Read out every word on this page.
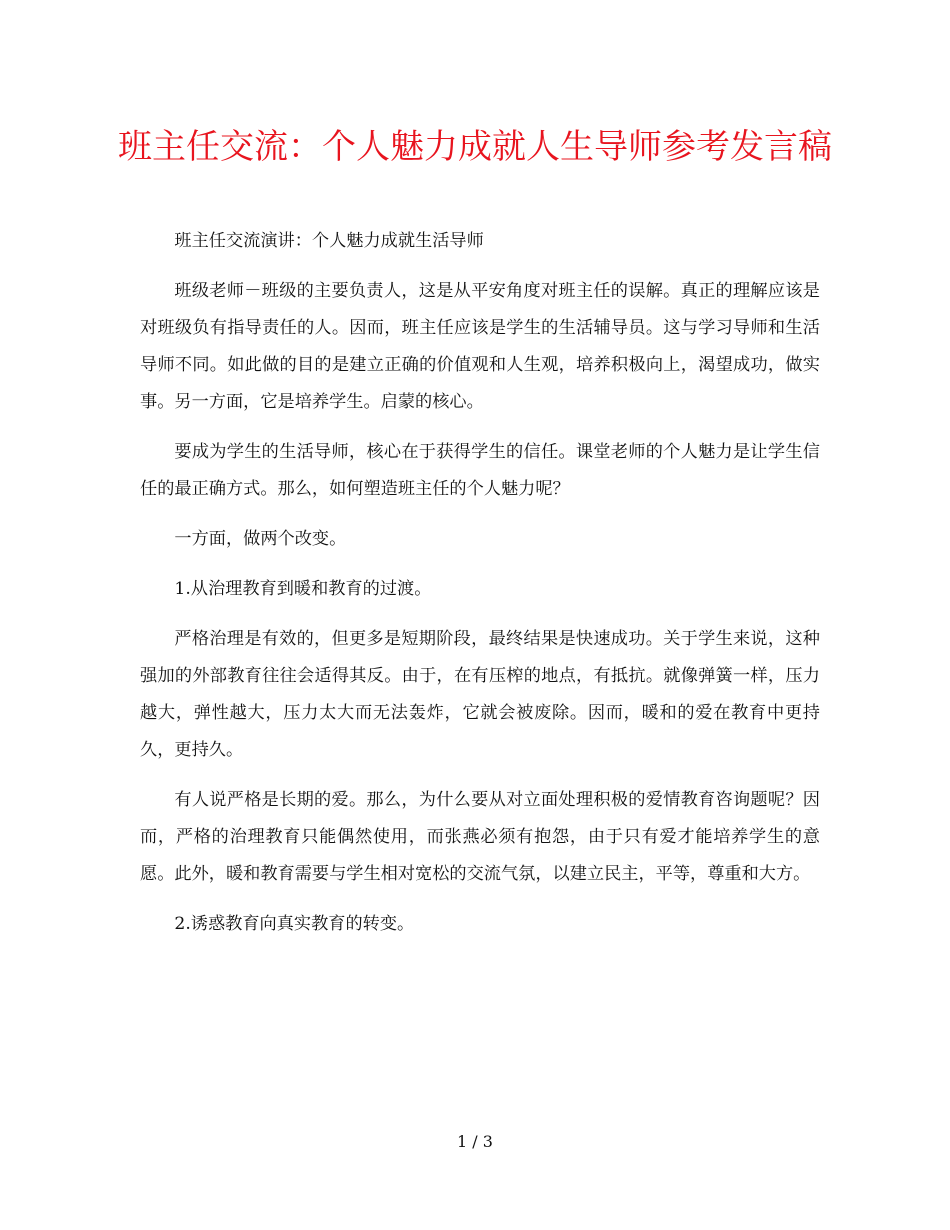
班主任交流：个人魅力成就人生导师参考发言稿

班主任交流演讲：个人魅力成就生活导师

班级老师－班级的主要负责人，这是从平安角度对班主任的误解。真正的理解应该是对班级负有指导责任的人。因而，班主任应该是学生的生活辅导员。这与学习导师和生活导师不同。如此做的目的是建立正确的价值观和人生观，培养积极向上，渴望成功，做实事。另一方面，它是培养学生。启蒙的核心。

要成为学生的生活导师，核心在于获得学生的信任。课堂老师的个人魅力是让学生信任的最正确方式。那么，如何塑造班主任的个人魅力呢？

一方面，做两个改变。

1.从治理教育到暖和教育的过渡。

严格治理是有效的，但更多是短期阶段，最终结果是快速成功。关于学生来说，这种强加的外部教育往往会适得其反。由于，在有压榨的地点，有抵抗。就像弹簧一样，压力越大，弹性越大，压力太大而无法轰炸，它就会被废除。因而，暖和的爱在教育中更持久，更持久。

有人说严格是长期的爱。那么，为什么要从对立面处理积极的爱情教育咨询题呢？因而，严格的治理教育只能偶然使用，而张燕必须有抱怨，由于只有爱才能培养学生的意愿。此外，暖和教育需要与学生相对宽松的交流气氛，以建立民主，平等，尊重和大方。

2.诱惑教育向真实教育的转变。

1 / 3
